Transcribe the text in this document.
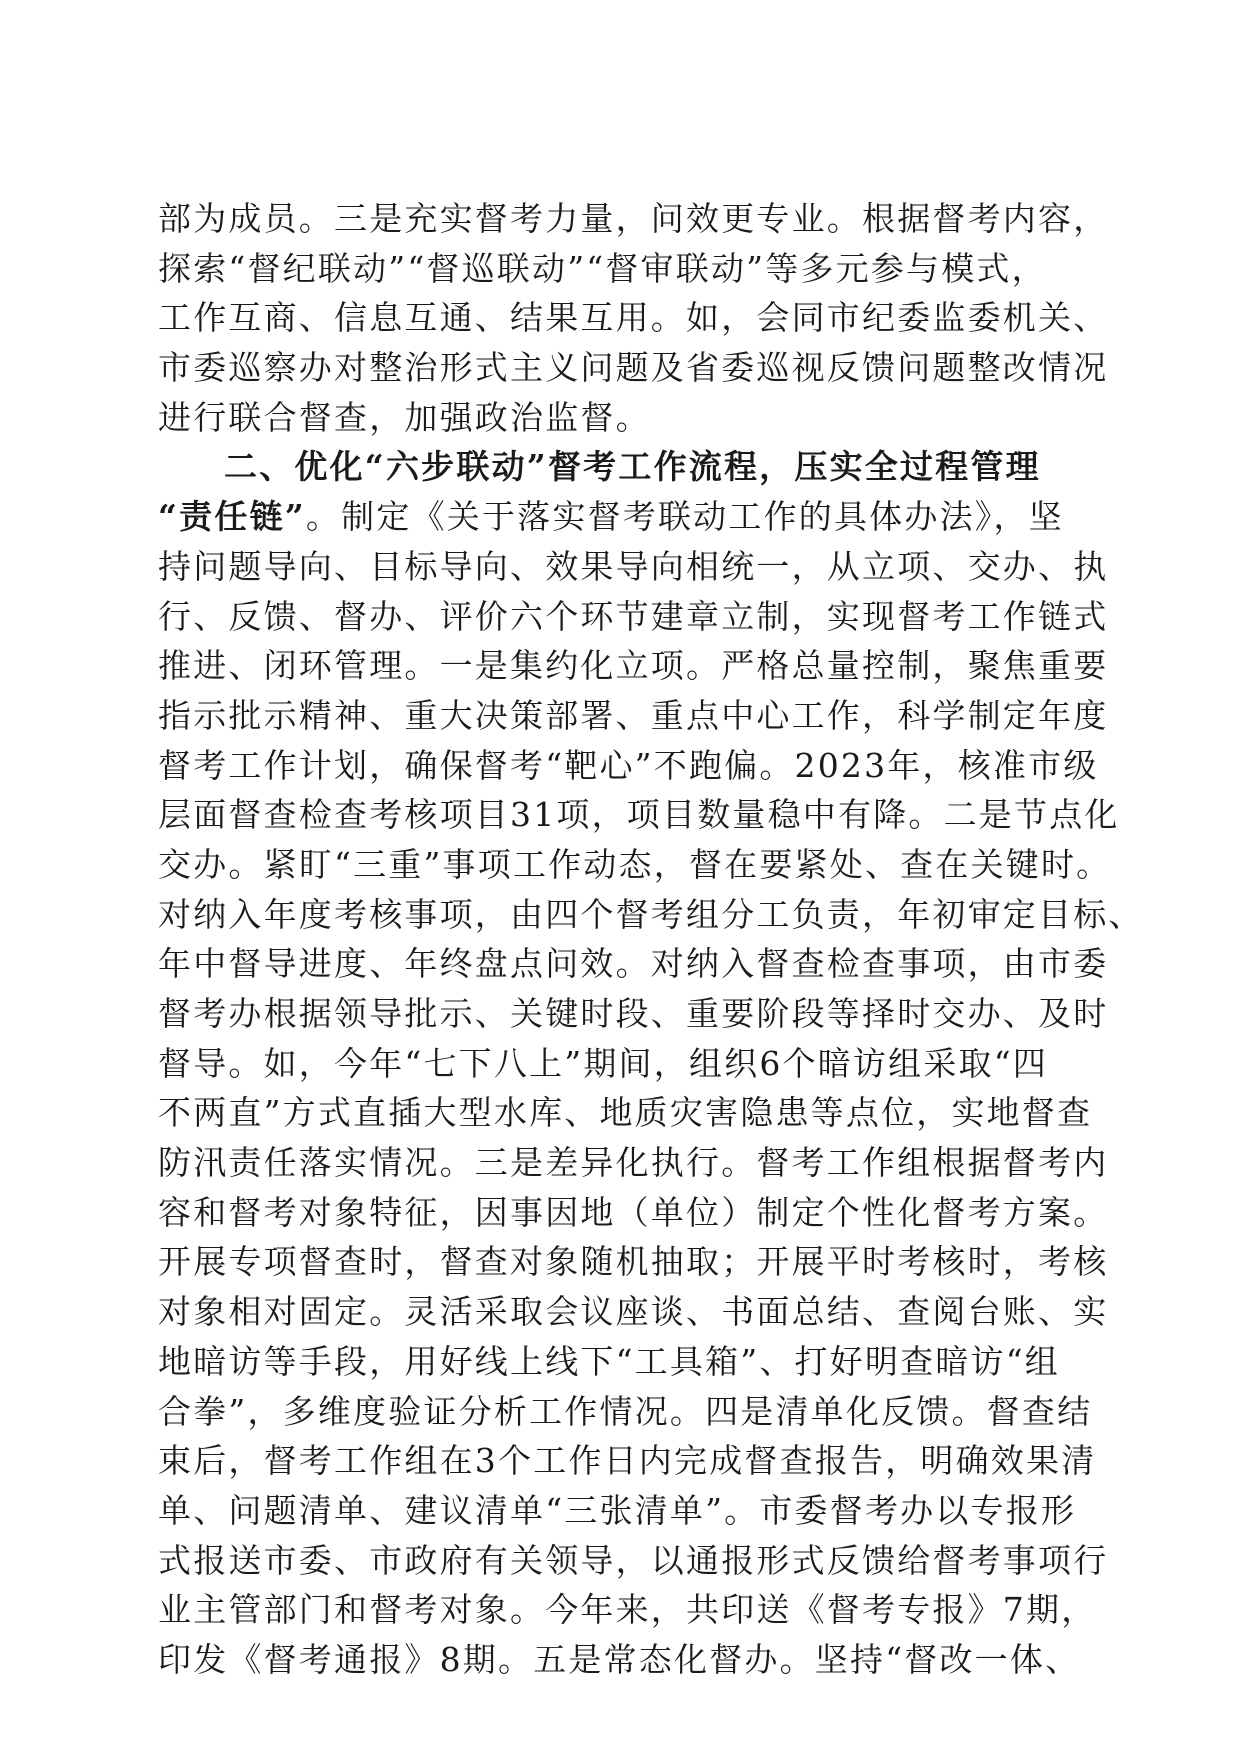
部为成员。三是充实督考力量，问效更专业。根据督考内容，
探索“督纪联动”“督巡联动”“督审联动”等多元参与模式，
工作互商、信息互通、结果互用。如，会同市纪委监委机关、
市委巡察办对整治形式主义问题及省委巡视反馈问题整改情况
进行联合督查，加强政治监督。
二、优化“六步联动”督考工作流程，压实全过程管理
“责任链”。制定《关于落实督考联动工作的具体办法》，坚
持问题导向、目标导向、效果导向相统一，从立项、交办、执
行、反馈、督办、评价六个环节建章立制，实现督考工作链式
推进、闭环管理。一是集约化立项。严格总量控制，聚焦重要
指示批示精神、重大决策部署、重点中心工作，科学制定年度
督考工作计划，确保督考“靶心”不跑偏。2023年，核准市级
层面督查检查考核项目31项，项目数量稳中有降。二是节点化
交办。紧盯“三重”事项工作动态，督在要紧处、查在关键时。
对纳入年度考核事项，由四个督考组分工负责，年初审定目标、
年中督导进度、年终盘点问效。对纳入督查检查事项，由市委
督考办根据领导批示、关键时段、重要阶段等择时交办、及时
督导。如，今年“七下八上”期间，组织6个暗访组采取“四
不两直”方式直插大型水库、地质灾害隐患等点位，实地督查
防汛责任落实情况。三是差异化执行。督考工作组根据督考内
容和督考对象特征，因事因地（单位）制定个性化督考方案。
开展专项督查时，督查对象随机抽取；开展平时考核时，考核
对象相对固定。灵活采取会议座谈、书面总结、查阅台账、实
地暗访等手段，用好线上线下“工具箱”、打好明查暗访“组
合拳”，多维度验证分析工作情况。四是清单化反馈。督查结
束后，督考工作组在3个工作日内完成督查报告，明确效果清
单、问题清单、建议清单“三张清单”。市委督考办以专报形
式报送市委、市政府有关领导，以通报形式反馈给督考事项行
业主管部门和督考对象。今年来，共印送《督考专报》7期，
印发《督考通报》8期。五是常态化督办。坚持“督改一体、
